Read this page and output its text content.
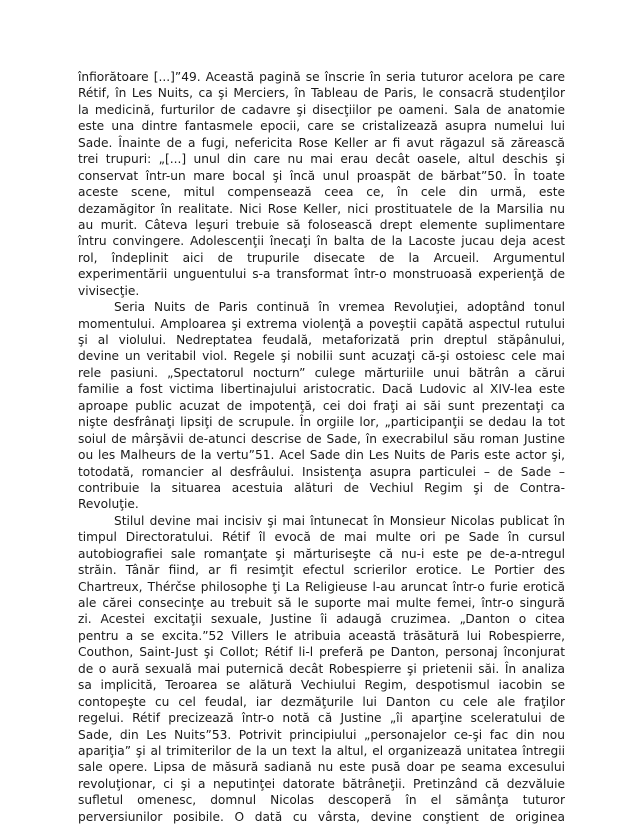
înfiorătoare [...]”49. Această pagină se înscrie în seria tuturor acelora pe care
Rétif, în Les Nuits, ca şi Merciers, în Tableau de Paris, le consacră studenţilor
la medicină, furturilor de cadavre şi disecţiilor pe oameni. Sala de anatomie
este una dintre fantasmele epocii, care se cristalizează asupra numelui lui
Sade. Înainte de a fugi, nefericita Rose Keller ar fi avut răgazul să zărească
trei trupuri: „[...] unul din care nu mai erau decât oasele, altul deschis şi
conservat într-un mare bocal şi încă unul proaspăt de bărbat”50. În toate
aceste scene, mitul compensează ceea ce, în cele din urmă, este
dezamăgitor în realitate. Nici Rose Keller, nici prostituatele de la Marsilia nu
au murit. Câteva leşuri trebuie să folosească drept elemente suplimentare
întru convingere. Adolescenţii înecaţi în balta de la Lacoste jucau deja acest
rol, îndeplinit aici de trupurile disecate de la Arcueil. Argumentul
experimentării unguentului s-a transformat într-o monstruoasă experienţă de
vivisecţie.
Seria Nuits de Paris continuă în vremea Revoluţiei, adoptând tonul
momentului. Amploarea şi extrema violenţă a poveştii capătă aspectul rutului
şi al violului. Nedreptatea feudală, metaforizată prin dreptul stăpânului,
devine un veritabil viol. Regele şi nobilii sunt acuzaţi că-şi ostoiesc cele mai
rele pasiuni. „Spectatorul nocturn” culege mărturiile unui bătrân a cărui
familie a fost victima libertinajului aristocratic. Dacă Ludovic al XIV-lea este
aproape public acuzat de impotenţă, cei doi fraţi ai săi sunt prezentaţi ca
nişte desfrânaţi lipsiţi de scrupule. În orgiile lor, „participanţii se dedau la tot
soiul de mârşăvii de-atunci descrise de Sade, în execrabilul său roman Justine
ou les Malheurs de la vertu”51. Acel Sade din Les Nuits de Paris este actor şi,
totodată, romancier al desfrâului. Insistenţa asupra particulei – de Sade –
contribuie la situarea acestuia alături de Vechiul Regim şi de Contra-
Revoluţie.
Stilul devine mai incisiv şi mai întunecat în Monsieur Nicolas publicat în
timpul Directoratului. Rétif îl evocă de mai multe ori pe Sade în cursul
autobiografiei sale romanţate şi mărturiseşte că nu-i este pe de-a-ntregul
străin. Tânăr fiind, ar fi resimţit efectul scrierilor erotice. Le Portier des
Chartreux, Thérčse philosophe ţi La Religieuse l-au aruncat într-o furie erotică
ale cărei consecinţe au trebuit să le suporte mai multe femei, într-o singură
zi. Acestei excitaţii sexuale, Justine îi adaugă cruzimea. „Danton o citea
pentru a se excita.”52 Villers le atribuia această trăsătură lui Robespierre,
Couthon, Saint-Just şi Collot; Rétif li-l preferă pe Danton, personaj înconjurat
de o aură sexuală mai puternică decât Robespierre şi prietenii săi. În analiza
sa implicită, Teroarea se alătură Vechiului Regim, despotismul iacobin se
contopeşte cu cel feudal, iar dezmăţurile lui Danton cu cele ale fraţilor
regelui. Rétif precizează într-o notă că Justine „îi aparţine sceleratului de
Sade, din Les Nuits”53. Potrivit principiului „personajelor ce-şi fac din nou
apariţia” şi al trimiterilor de la un text la altul, el organizează unitatea întregii
sale opere. Lipsa de măsură sadiană nu este pusă doar pe seama excesului
revoluţionar, ci şi a neputinţei datorate bătrâneţii. Pretinzând că dezvăluie
sufletul omenesc, domnul Nicolas descoperă în el sămânţa tuturor
perversiunilor posibile. O dată cu vârsta, devine conştient de originea
